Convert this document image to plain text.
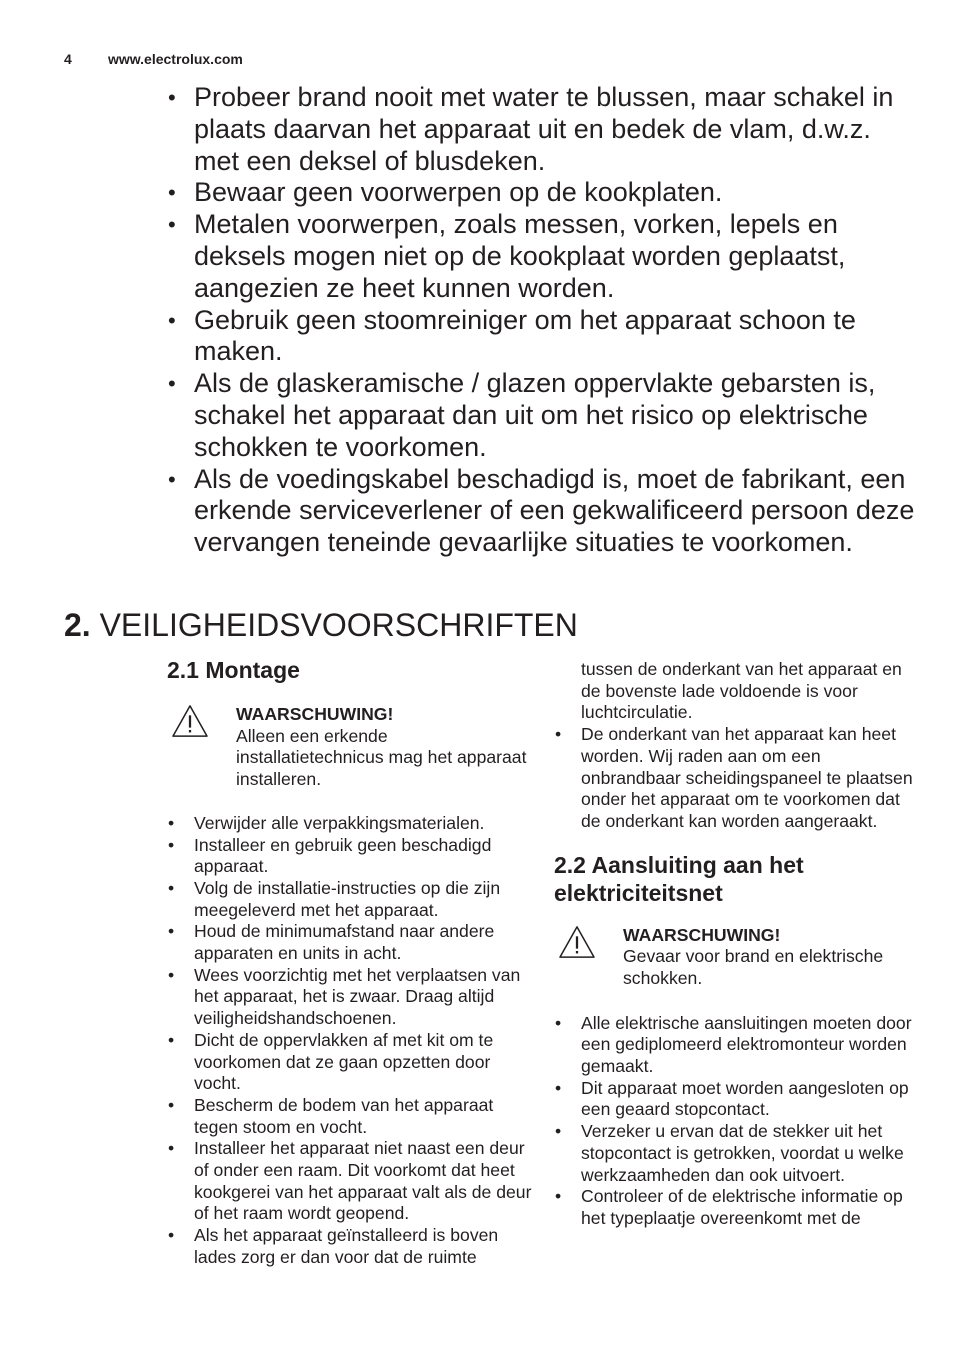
4	www.electrolux.com
• Probeer brand nooit met water te blussen, maar schakel in plaats daarvan het apparaat uit en bedek de vlam, d.w.z. met een deksel of blusdeken.
• Bewaar geen voorwerpen op de kookplaten.
• Metalen voorwerpen, zoals messen, vorken, lepels en deksels mogen niet op de kookplaat worden geplaatst, aangezien ze heet kunnen worden.
• Gebruik geen stoomreiniger om het apparaat schoon te maken.
• Als de glaskeramische / glazen oppervlakte gebarsten is, schakel het apparaat dan uit om het risico op elektrische schokken te voorkomen.
• Als de voedingskabel beschadigd is, moet de fabrikant, een erkende serviceverlener of een gekwalificeerd persoon deze vervangen teneinde gevaarlijke situaties te voorkomen.
2. VEILIGHEIDSVOORSCHRIFTEN
2.1 Montage
WAARSCHUWING!
Alleen een erkende installatietechnicus mag het apparaat installeren.
• Verwijder alle verpakkingsmaterialen.
• Installeer en gebruik geen beschadigd apparaat.
• Volg de installatie-instructies op die zijn meegeleverd met het apparaat.
• Houd de minimumafstand naar andere apparaten en units in acht.
• Wees voorzichtig met het verplaatsen van het apparaat, het is zwaar. Draag altijd veiligheidshandschoenen.
• Dicht de oppervlakken af met kit om te voorkomen dat ze gaan opzetten door vocht.
• Bescherm de bodem van het apparaat tegen stoom en vocht.
• Installeer het apparaat niet naast een deur of onder een raam. Dit voorkomt dat heet kookgerei van het apparaat valt als de deur of het raam wordt geopend.
• Als het apparaat geïnstalleerd is boven lades zorg er dan voor dat de ruimte
tussen de onderkant van het apparaat en de bovenste lade voldoende is voor luchtcirculatie.
• De onderkant van het apparaat kan heet worden. Wij raden aan om een onbrandbaar scheidingspaneel te plaatsen onder het apparaat om te voorkomen dat de onderkant kan worden aangeraakt.
2.2 Aansluiting aan het elektriciteitsnet
WAARSCHUWING!
Gevaar voor brand en elektrische schokken.
• Alle elektrische aansluitingen moeten door een gediplomeerd elektromonteur worden gemaakt.
• Dit apparaat moet worden aangesloten op een geaard stopcontact.
• Verzeker u ervan dat de stekker uit het stopcontact is getrokken, voordat u welke werkzaamheden dan ook uitvoert.
• Controleer of de elektrische informatie op het typeplaatje overeenkomt met de
